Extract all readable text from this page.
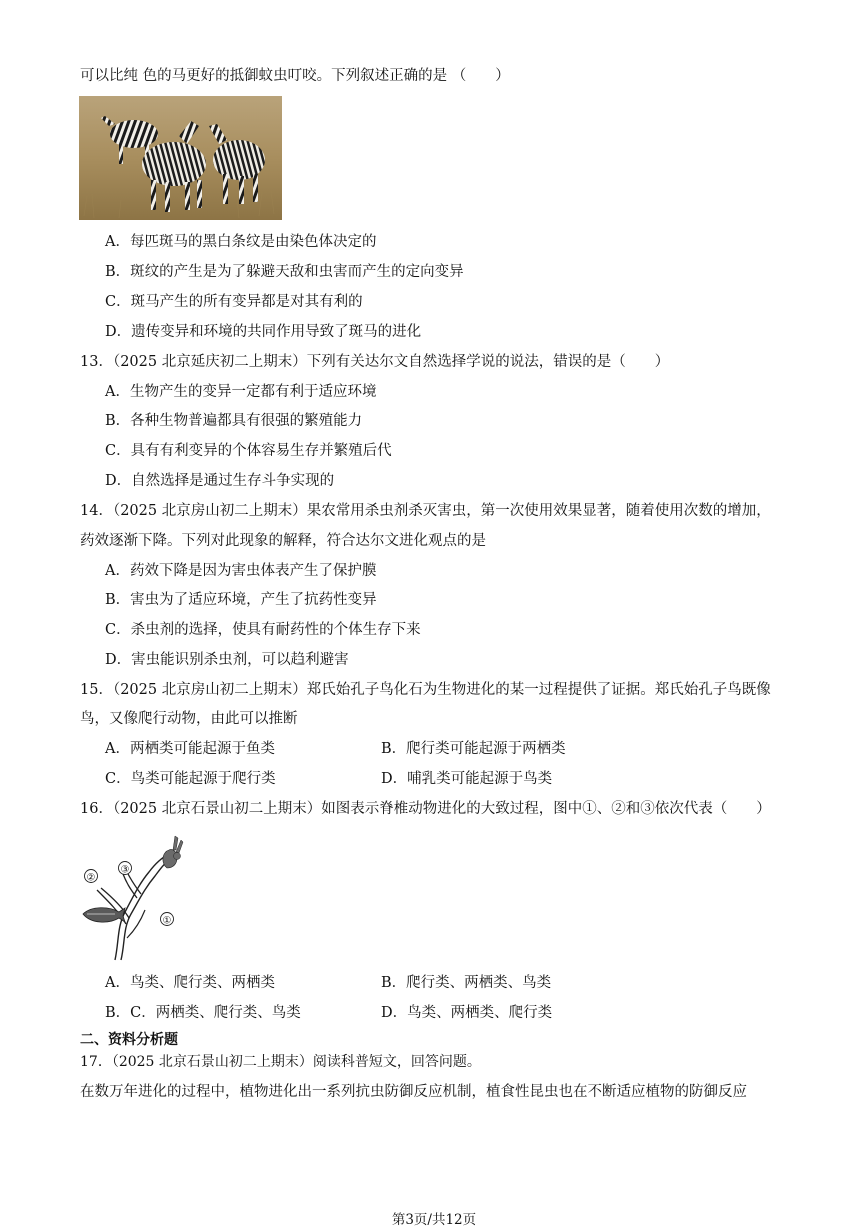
可以比纯 色的马更好的抵御蚊虫叮咬。下列叙述正确的是 （　　）
A．每匹斑马的黑白条纹是由染色体决定的
B．斑纹的产生是为了躲避天敌和虫害而产生的定向变异
C．斑马产生的所有变异都是对其有利的
D．遗传变异和环境的共同作用导致了斑马的进化
13．（2025 北京延庆初二上期末）下列有关达尔文自然选择学说的说法，错误的是（　　）
A．生物产生的变异一定都有利于适应环境
B．各种生物普遍都具有很强的繁殖能力
C．具有有利变异的个体容易生存并繁殖后代
D．自然选择是通过生存斗争实现的
14．（2025 北京房山初二上期末）果农常用杀虫剂杀灭害虫，第一次使用效果显著，随着使用次数的增加，
药效逐渐下降。下列对此现象的解释，符合达尔文进化观点的是
A．药效下降是因为害虫体表产生了保护膜
B．害虫为了适应环境，产生了抗药性变异
C．杀虫剂的选择，使具有耐药性的个体生存下来
D．害虫能识别杀虫剂，可以趋利避害
15．（2025 北京房山初二上期末）郑氏始孔子鸟化石为生物进化的某一过程提供了证据。郑氏始孔子鸟既像
鸟，又像爬行动物，由此可以推断
A．两栖类可能起源于鱼类	B．爬行类可能起源于两栖类
C．鸟类可能起源于爬行类	D．哺乳类可能起源于鸟类
16．（2025 北京石景山初二上期末）如图表示脊椎动物进化的大致过程，图中①、②和③依次代表（　　）
②
③
①
A．鸟类、爬行类、两栖类	B．爬行类、两栖类、鸟类
B．C．两栖类、爬行类、鸟类	D．鸟类、两栖类、爬行类
二、资料分析题
17．（2025 北京石景山初二上期末）阅读科普短文，回答问题。
在数万年进化的过程中，植物进化出一系列抗虫防御反应机制，植食性昆虫也在不断适应植物的防御反应
第3页/共12页
